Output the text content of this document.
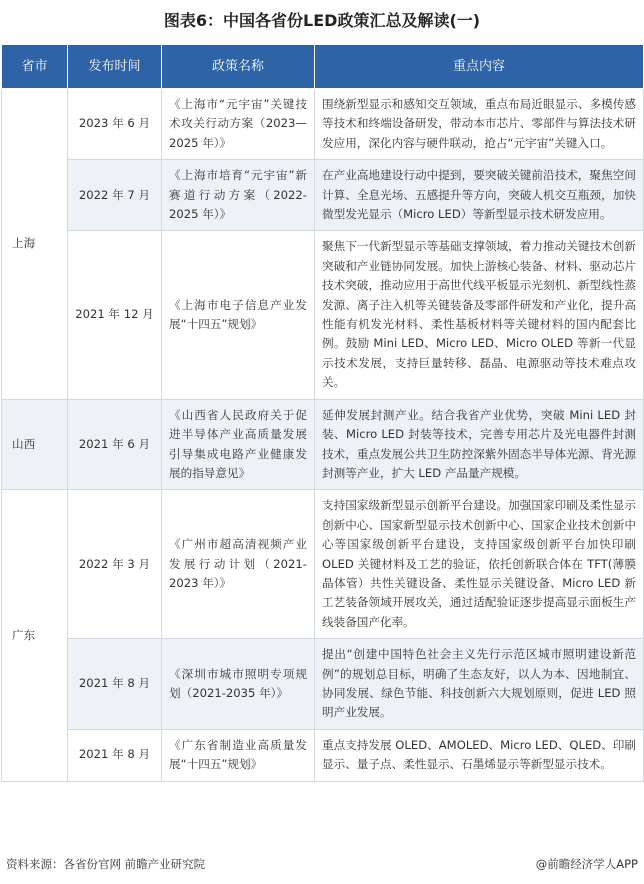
图表6：中国各省份LED政策汇总及解读(一)
省市	发布时间	政策名称	重点内容
上海	2023 年 6 月	《上海市“元宇宙”关键技术攻关行动方案（2023—2025 年）》	围绕新型显示和感知交互领域，重点布局近眼显示、多模传感等技术和终端设备研发，带动本市芯片、零部件与算法技术研发应用，深化内容与硬件联动，抢占“元宇宙”关键入口。
	2022 年 7 月	《上海市培育“元宇宙”新赛道行动方案（2022-2025 年）》	在产业高地建设行动中提到，要突破关键前沿技术，聚焦空间计算、全息光场、五感提升等方向，突破人机交互瓶颈，加快微型发光显示（Micro LED）等新型显示技术研发应用。
	2021 年 12 月	《上海市电子信息产业发展“十四五”规划》	聚焦下一代新型显示等基础支撑领域，着力推动关键技术创新突破和产业链协同发展。加快上游核心装备、材料、驱动芯片技术突破，推动应用于高世代线平板显示光刻机、新型线性蒸发源、离子注入机等关键装备及零部件研发和产业化，提升高性能有机发光材料、柔性基板材料等关键材料的国内配套比例。鼓励 Mini LED、Micro LED、Micro OLED 等新一代显示技术发展，支持巨量转移、磊晶、电源驱动等技术难点攻关。
山西	2021 年 6 月	《山西省人民政府关于促进半导体产业高质量发展引导集成电路产业健康发展的指导意见》	延伸发展封测产业。结合我省产业优势，突破 Mini LED 封装、Micro LED 封装等技术，完善专用芯片及光电器件封测技术，重点发展公共卫生防控深紫外固态半导体光源、背光源封测等产业，扩大 LED 产品量产规模。
广东	2022 年 3 月	《广州市超高清视频产业发展行动计划（2021-2023 年）》	支持国家级新型显示创新平台建设。加强国家印刷及柔性显示创新中心、国家新型显示技术创新中心、国家企业技术创新中心等国家级创新平台建设，支持国家级创新平台加快印刷 OLED 关键材料及工艺的验证，依托创新联合体在 TFT(薄膜晶体管）共性关键设备、柔性显示关键设备、Micro LED 新工艺装备领域开展攻关，通过适配验证逐步提高显示面板生产线装备国产化率。
	2021 年 8 月	《深圳市城市照明专项规划（2021-2035 年）》	提出“创建中国特色社会主义先行示范区城市照明建设新范例”的规划总目标，明确了生态友好，以人为本、因地制宜、协同发展、绿色节能、科技创新六大规划原则，促进 LED 照明产业发展。
	2021 年 8 月	《广东省制造业高质量发展“十四五”规划》	重点支持发展 OLED、AMOLED、Micro LED、QLED、印刷显示、量子点、柔性显示、石墨烯显示等新型显示技术。
资料来源：各省份官网 前瞻产业研究院	@前瞻经济学人APP
